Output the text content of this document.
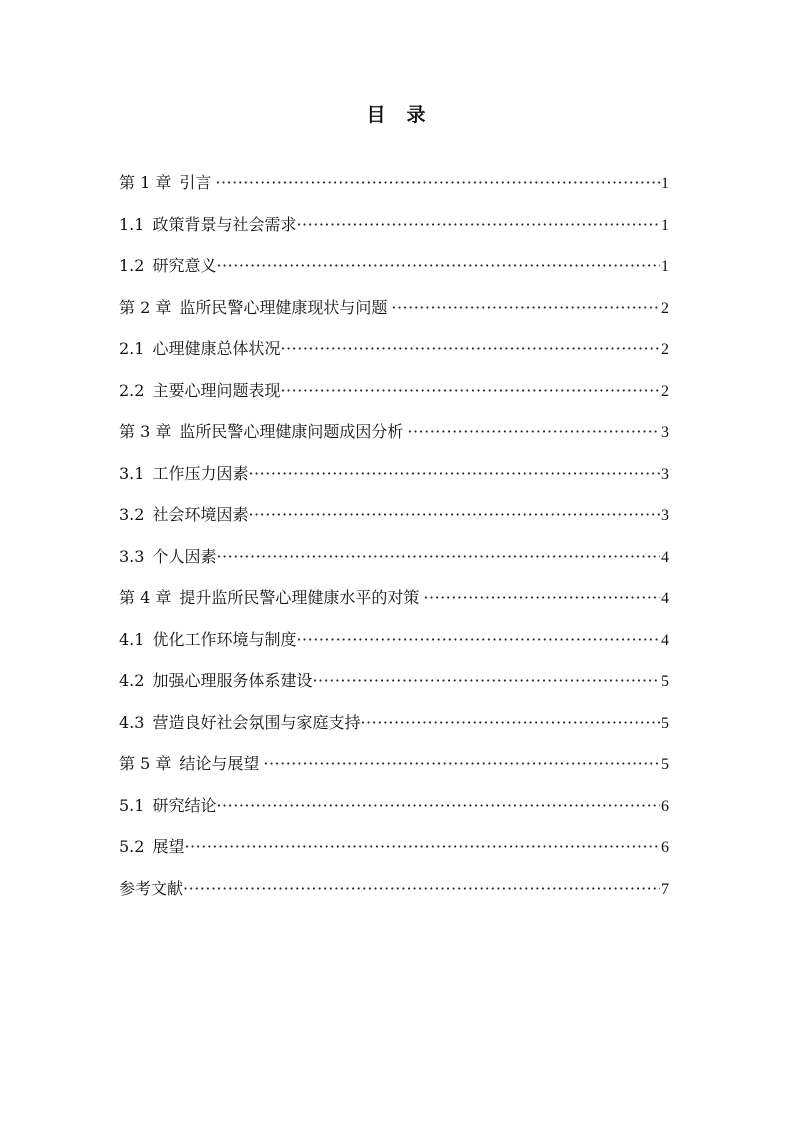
目 录
第 1 章 引言 ·····	1
1.1 政策背景与社会需求 ·····	1
1.2 研究意义 ·····	1
第 2 章 监所民警心理健康现状与问题 ·····	2
2.1 心理健康总体状况 ·····	2
2.2 主要心理问题表现 ·····	2
第 3 章 监所民警心理健康问题成因分析 ·····	3
3.1 工作压力因素 ·····	3
3.2 社会环境因素 ·····	3
3.3 个人因素 ·····	4
第 4 章 提升监所民警心理健康水平的对策 ·····	4
4.1 优化工作环境与制度 ·····	4
4.2 加强心理服务体系建设 ·····	5
4.3 营造良好社会氛围与家庭支持 ·····	5
第 5 章 结论与展望 ·····	5
5.1 研究结论 ·····	6
5.2 展望 ·····	6
参考文献 ·····	7
